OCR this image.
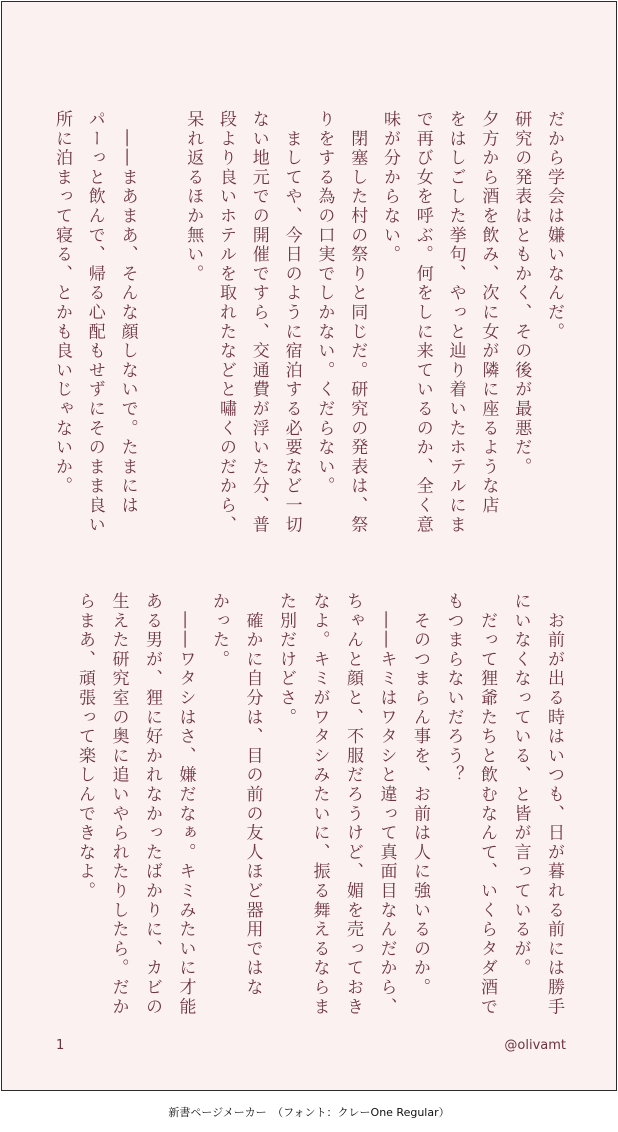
だから学会は嫌いなんだ。
研究の発表はともかく、その後が最悪だ。
夕方から酒を飲み、次に女が隣に座るような店
をはしごした挙句、やっと辿り着いたホテルにま
で再び女を呼ぶ。何をしに来ているのか、全く意
味が分からない。
　閉塞した村の祭りと同じだ。研究の発表は、祭
りをする為の口実でしかない。くだらない。
　ましてや、今日のように宿泊する必要など一切
ない地元での開催ですら、交通費が浮いた分、普
段より良いホテルを取れたなどと嘯くのだから、
呆れ返るほか無い。
　――まあまあ、そんな顔しないで。たまには
パーっと飲んで、帰る心配もせずにそのまま良い
所に泊まって寝る、とかも良いじゃないか。
　お前が出る時はいつも、日が暮れる前には勝手
にいなくなっている、と皆が言っているが。
　だって狸爺たちと飲むなんて、いくらタダ酒で
もつまらないだろう？
　そのつまらん事を、お前は人に強いるのか。
　――キミはワタシと違って真面目なんだから、
ちゃんと顔と、不服だろうけど、媚を売っておき
なよ。キミがワタシみたいに、振る舞えるならま
た別だけどさ。
　確かに自分は、目の前の友人ほど器用ではな
かった。
　――ワタシはさ、嫌だなぁ。キミみたいに才能
ある男が、狸に好かれなかったばかりに、カビの
生えた研究室の奥に追いやられたりしたら。だか
らまあ、頑張って楽しんできなよ。
1	@olivamt
新書ページメーカー　（フォント：クレーOne Regular）
